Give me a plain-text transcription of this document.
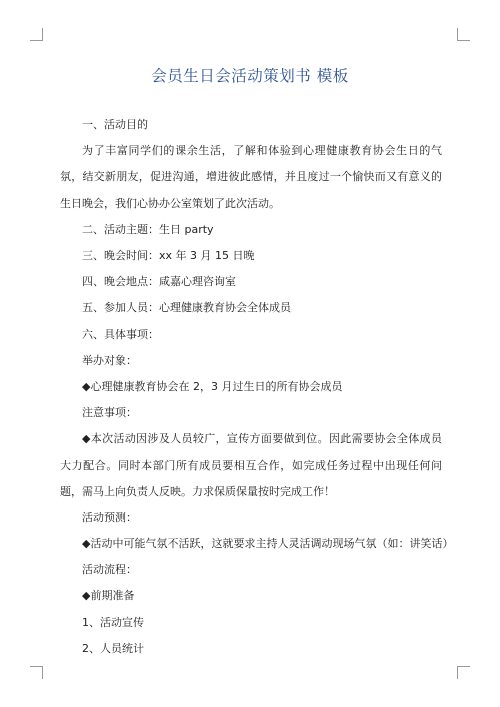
会员生日会活动策划书 模板
一、活动目的

为了丰富同学们的课余生活，了解和体验到心理健康教育协会生日的气氛，结交新朋友，促进沟通，增进彼此感情，并且度过一个愉快而又有意义的生日晚会，我们心协办公室策划了此次活动。

二、活动主题：生日 party
三、晚会时间：xx 年 3 月 15 日晚
四、晚会地点：咸嘉心理咨询室
五、参加人员：心理健康教育协会全体成员
六、具体事项：
举办对象：
◆心理健康教育协会在 2，3 月过生日的所有协会成员
注意事项：

◆本次活动因涉及人员较广，宣传方面要做到位。因此需要协会全体成员大力配合。同时本部门所有成员要相互合作，如完成任务过程中出现任何问题，需马上向负责人反映。力求保质保量按时完成工作！

活动预测：
◆活动中可能气氛不活跃，这就要求主持人灵活调动现场气氛（如：讲笑话）
活动流程：
◆前期准备
1、活动宣传
2、人员统计
